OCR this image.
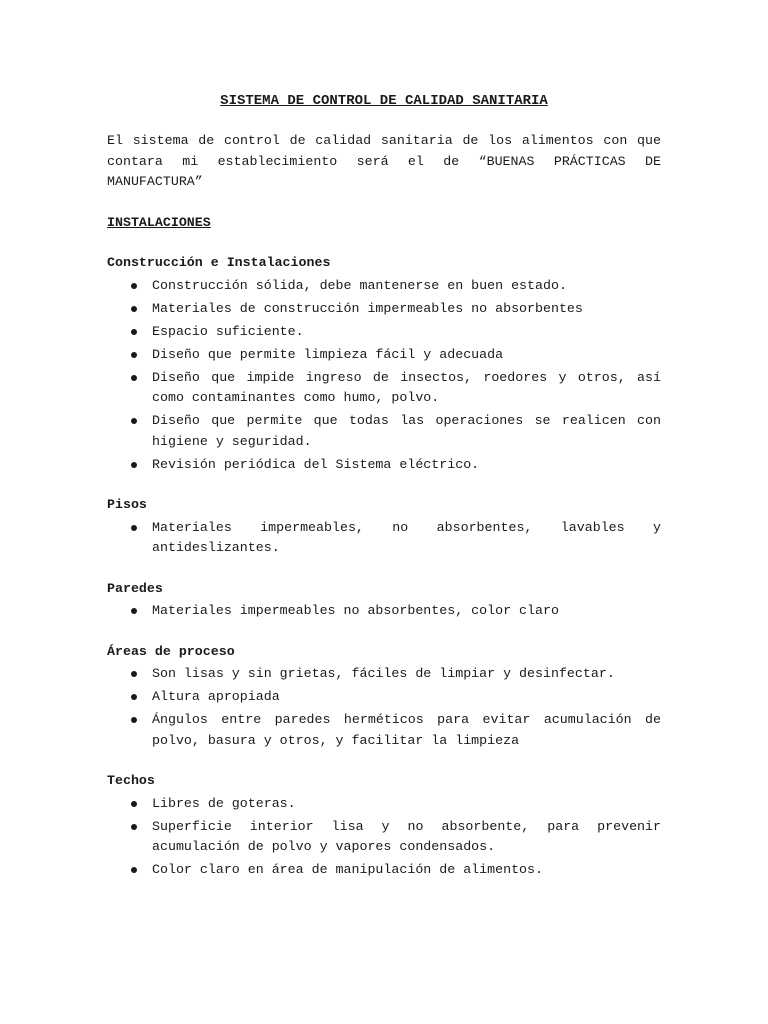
SISTEMA DE CONTROL DE CALIDAD SANITARIA

El sistema de control de calidad sanitaria de los alimentos con que contara mi establecimiento será el de “BUENAS PRÁCTICAS DE MANUFACTURA”

INSTALACIONES
Construcción e Instalaciones
Construcción sólida, debe mantenerse en buen estado.
Materiales de construcción impermeables no absorbentes
Espacio suficiente.
Diseño que permite limpieza fácil y adecuada
Diseño que impide ingreso de insectos, roedores y otros, así como contaminantes como humo, polvo.
Diseño que permite que todas las operaciones se realicen con higiene y seguridad.
Revisión periódica del Sistema eléctrico.
Pisos
Materiales impermeables, no absorbentes, lavables y antideslizantes.
Paredes
Materiales impermeables no absorbentes, color claro
Áreas de proceso
Son lisas y sin grietas, fáciles de limpiar y desinfectar.
Altura apropiada
Ángulos entre paredes herméticos para evitar acumulación de polvo, basura y otros, y facilitar la limpieza
Techos
Libres de goteras.
Superficie interior lisa y no absorbente, para prevenir acumulación de polvo y vapores condensados.
Color claro en área de manipulación de alimentos.
